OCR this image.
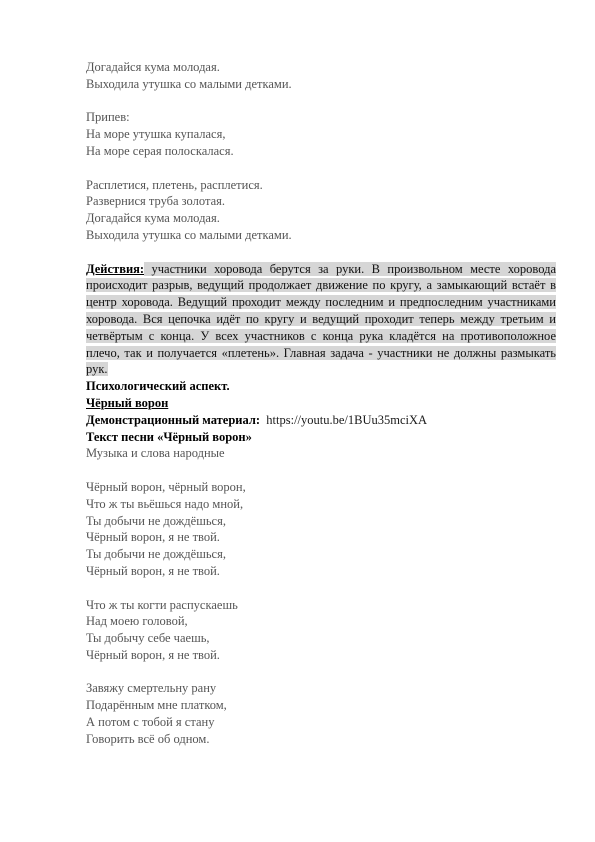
Догадайся кума молодая.
Выходила утушка со малыми детками.
Припев:
На море утушка купалася,
На море серая полоскалася.
Расплетися, плетень, расплетися.
Развернися труба золотая.
Догадайся кума молодая.
Выходила утушка со малыми детками.
Действия: участники хоровода берутся за руки. В произвольном месте хоровода происходит разрыв, ведущий продолжает движение по кругу, а замыкающий встаёт в центр хоровода. Ведущий проходит между последним и предпоследним участниками хоровода. Вся цепочка идёт по кругу и ведущий проходит теперь между третьим и четвёртым с конца. У всех участников с конца рука кладётся на противоположное плечо, так и получается «плетень». Главная задача - участники не должны размыкать рук.
Психологический аспект.
Чёрный ворон
Демонстрационный материал: https://youtu.be/1BUu35mciXA
Текст песни «Чёрный ворон»
Музыка и слова народные
Чёрный ворон, чёрный ворон,
Что ж ты вьёшься надо мной,
Ты добычи не дождёшься,
Чёрный ворон, я не твой.
Ты добычи не дождёшься,
Чёрный ворон, я не твой.
Что ж ты когти распускаешь
Над моею головой,
Ты добычу себе чаешь,
Чёрный ворон, я не твой.
Завяжу смертельну рану
Подарённым мне платком,
А потом с тобой я стану
Говорить всё об одном.
